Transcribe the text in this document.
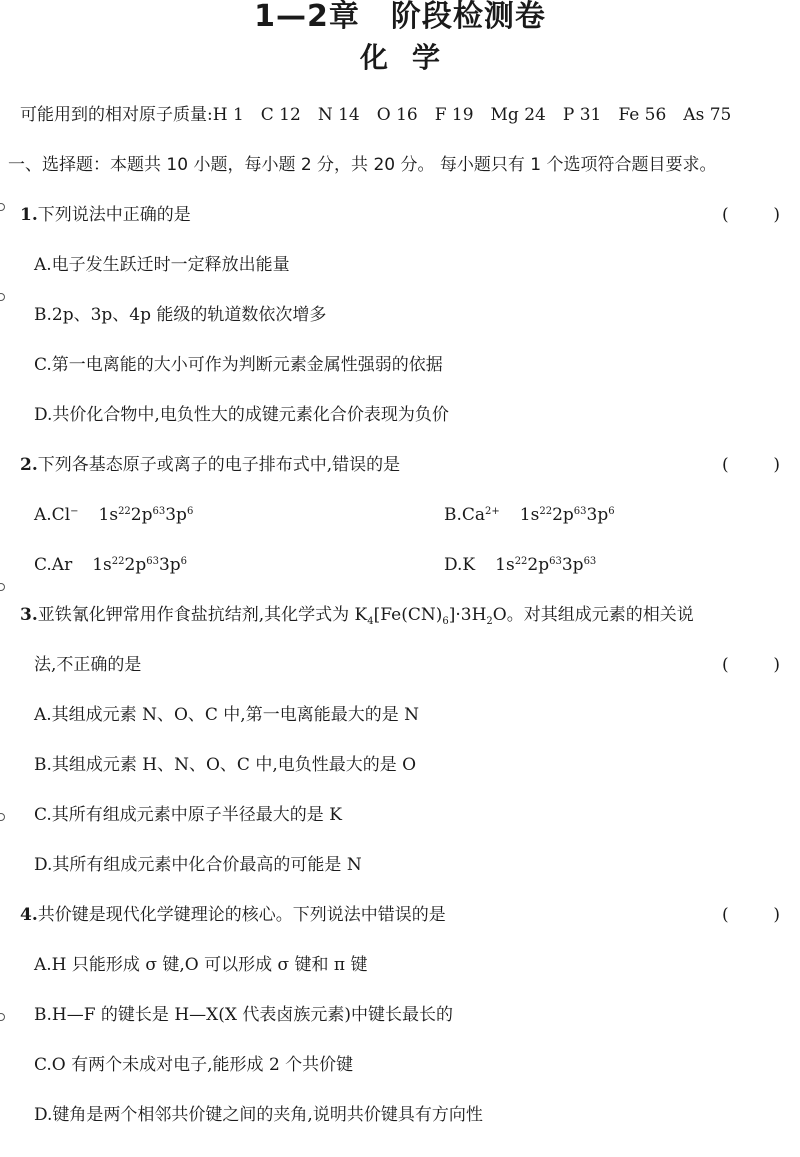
1—2章　阶段检测卷
化学
可能用到的相对原子质量:H 1　C 12　N 14　O 16　F 19　Mg 24　P 31　Fe 56　As 75
一、选择题：本题共 10 小题，每小题 2 分，共 20 分。 每小题只有 1 个选项符合题目要求。
1.下列说法中正确的是	(	)
A.电子发生跃迁时一定释放出能量
B.2p、3p、4p 能级的轨道数依次增多
C.第一电离能的大小可作为判断元素金属性强弱的依据
D.共价化合物中,电负性大的成键元素化合价表现为负价
2.下列各基态原子或离子的电子排布式中,错误的是	(	)
A.Cl− $1s^{22}2p^{63}3p^6$	$B.Ca^{2+}$ $1s^{22}2p^{63}3p^6$
C.Ar $1s^{22}2p^{63}3p^6$	D.K $1s^{22}2p^{63}3p^{63}$
3.亚铁氰化钾常用作食盐抗结剂,其化学式为 $K_4[Fe(CN)_6]\cdot 3H_2O$。对其组成元素的相关说
法,不正确的是	(	)
A.其组成元素 N、O、C 中,第一电离能最大的是 N
B.其组成元素 H、N、O、C 中,电负性最大的是 O
C.其所有组成元素中原子半径最大的是 K
D.其所有组成元素中化合价最高的可能是 N
4.共价键是现代化学键理论的核心。下列说法中错误的是	(	)
A.H 只能形成 σ 键,O 可以形成 σ 键和 π 键
B.H—F 的键长是 H—X(X 代表卤族元素)中键长最长的
C.O 有两个未成对电子,能形成 2 个共价键
D.键角是两个相邻共价键之间的夹角,说明共价键具有方向性
